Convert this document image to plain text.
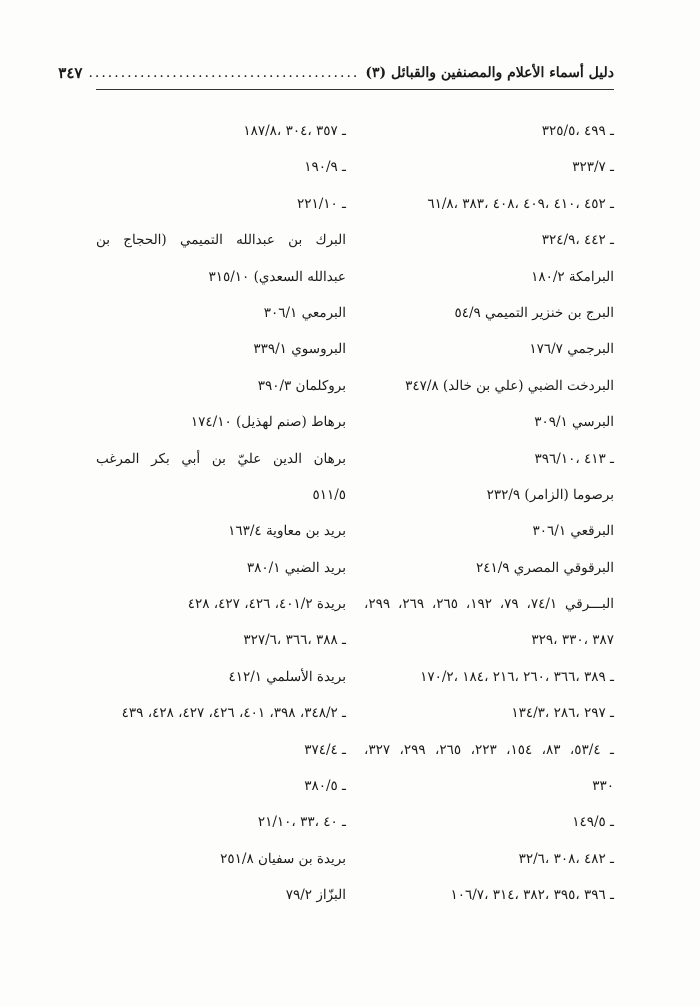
دليل أسماء الأعلام والمصنفين والقبائل (٣)
..........................................
٣٤٧
ـ ٤٩٩ ،٣٢٥/٥
ـ ٣٢٣/٧
ـ ٤٥٢ ،٤١٠ ،٤٠٩ ،٤٠٨ ،٣٨٣ ،٦١/٨
ـ ٤٤٢ ،٣٢٤/٩
البرامكة ١٨٠/٢
البرج بن خنزير التميمي ٥٤/٩
البرجمي ١٧٦/٧
البردخت الضبي (علي بن خالد) ٣٤٧/٨
البرسي ٣٠٩/١
ـ ٤١٣ ،٣٩٦/١٠
برصوما (الزامر) ٢٣٢/٩
البرقعي ٣٠٦/١
البرقوقي المصري ٢٤١/٩
البـــرقي ٧٤/١، ٧٩، ١٩٢، ٢٦٥، ٢٦٩، ٢٩٩،
٣٨٧ ،٣٣٠ ،٣٢٩
ـ ٣٨٩ ،٣٦٦ ،٢٦٠ ،٢١٦ ،١٨٤ ،١٧٠/٢
ـ ٢٩٧ ،٢٨٦ ،١٣٤/٣
ـ ٥٣/٤، ٨٣، ١٥٤، ٢٢٣، ٢٦٥، ٢٩٩، ٣٢٧،
٣٣٠
ـ ١٤٩/٥
ـ ٤٨٢ ،٣٠٨ ،٣٢/٦
ـ ٣٩٦ ،٣٩٥ ،٣٨٢ ،٣١٤ ،١٠٦/٧
ـ ٣٥٧ ،٣٠٤ ،١٨٧/٨
ـ ١٩٠/٩
ـ ٢٢١/١٠
البرك بن عبدالله التميمي (الحجاج بن
عبدالله السعدي) ٣١٥/١٠
البرمعي ٣٠٦/١
البروسوي ٣٣٩/١
بروكلمان ٣٩٠/٣
برهاط (صنم لهذيل) ١٧٤/١٠
برهان الدين عليّ بن أبي بكر المرغب
٥١١/٥
بريد بن معاوية ١٦٣/٤
بريد الضبي ٣٨٠/١
بريدة ٤٠١/٢، ٤٢٦، ٤٢٧، ٤٢٨
ـ ٣٨٨ ،٣٦٦ ،٣٢٧/٦
بريدة الأسلمي ٤١٢/١
ـ ٣٤٨/٢، ٣٩٨، ٤٠١، ٤٢٦، ٤٢٧، ٤٢٨، ٤٣٩
ـ ٣٧٤/٤
ـ ٣٨٠/٥
ـ ٤٠ ،٣٣ ،٢١/١٠
بريدة بن سفيان ٢٥١/٨
البزّاز ٧٩/٢
